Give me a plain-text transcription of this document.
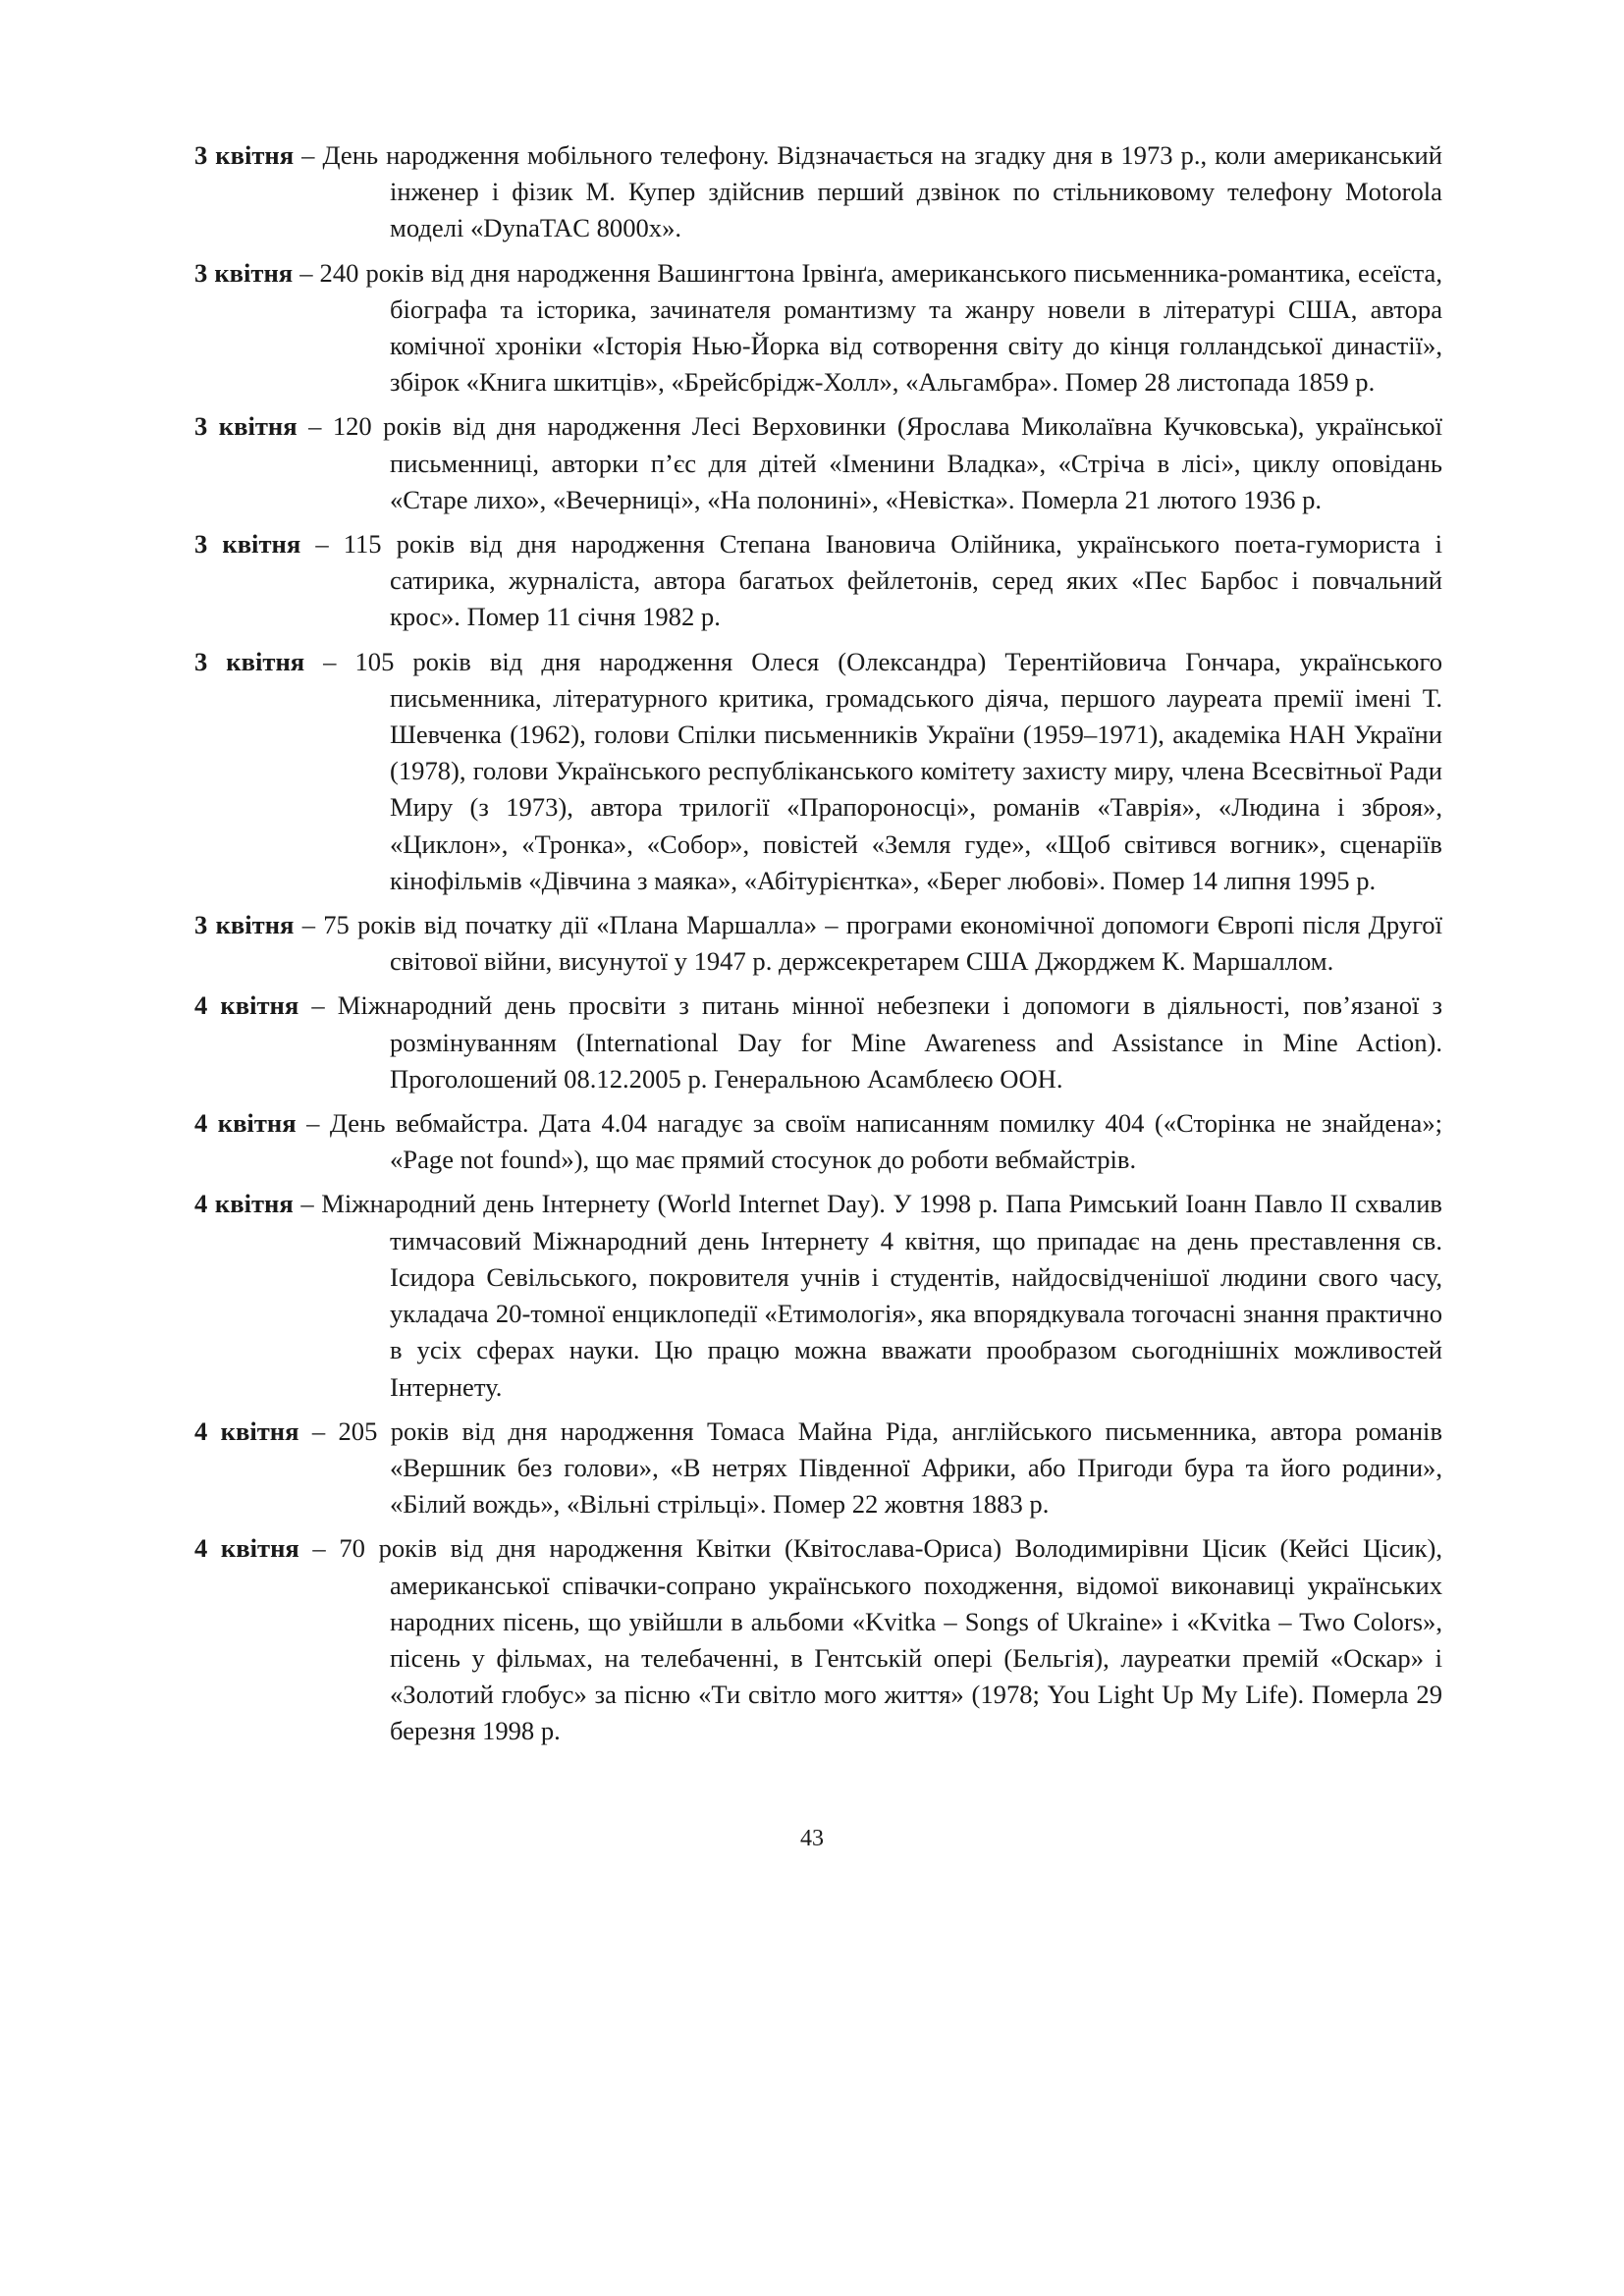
3 квітня – День народження мобільного телефону. Відзначається на згадку дня в 1973 р., коли американський інженер і фізик М. Купер здійснив перший дзвінок по стільниковому телефону Motorola моделі «DynaTAC 8000x».

3 квітня – 240 років від дня народження Вашингтона Ірвінґа, американського письменника-романтика, есеїста, біографа та історика, зачинателя романтизму та жанру новели в літературі США, автора комічної хроніки «Історія Нью-Йорка від сотворення світу до кінця голландської династії», збірок «Книга шкитців», «Брейсбрідж-Холл», «Альгамбра». Помер 28 листопада 1859 р.

3 квітня – 120 років від дня народження Лесі Верховинки (Ярослава Миколаївна Кучковська), української письменниці, авторки п’єс для дітей «Іменини Владка», «Стріча в лісі», циклу оповідань «Старе лихо», «Вечерниці», «На полонині», «Невістка». Померла 21 лютого 1936 р.

3 квітня – 115 років від дня народження Степана Івановича Олійника, українського поета-гумориста і сатирика, журналіста, автора багатьох фейлетонів, серед яких «Пес Барбос і повчальний крос». Помер 11 січня 1982 р.

3 квітня – 105 років від дня народження Олеся (Олександра) Терентійовича Гончара, українського письменника, літературного критика, громадського діяча, першого лауреата премії імені Т. Шевченка (1962), голови Спілки письменників України (1959–1971), академіка НАН України (1978), голови Українського республіканського комітету захисту миру, члена Всесвітньої Ради Миру (з 1973), автора трилогії «Прапороносці», романів «Таврія», «Людина і зброя», «Циклон», «Тронка», «Собор», повістей «Земля гуде», «Щоб світився вогник», сценаріїв кінофільмів «Дівчина з маяка», «Абітурієнтка», «Берег любові». Помер 14 липня 1995 р.

3 квітня – 75 років від початку дії «Плана Маршалла» – програми економічної допомоги Європі після Другої світової війни, висунутої у 1947 р. держсекретарем США Джорджем К. Маршаллом.

4 квітня – Міжнародний день просвіти з питань мінної небезпеки і допомоги в діяльності, пов’язаної з розмінуванням (International Day for Mine Awareness and Assistance in Mine Action). Проголошений 08.12.2005 р. Генеральною Асамблеєю ООН.

4 квітня – День вебмайстра. Дата 4.04 нагадує за своїм написанням помилку 404 («Сторінка не знайдена»; «Page not found»), що має прямий стосунок до роботи вебмайстрів.

4 квітня – Міжнародний день Інтернету (World Internet Day). У 1998 р. Папа Римський Іоанн Павло ІІ схвалив тимчасовий Міжнародний день Інтернету 4 квітня, що припадає на день преставлення св. Ісидора Севільського, покровителя учнів і студентів, найдосвідченішої людини свого часу, укладача 20-томної енциклопедії «Етимологія», яка впорядкувала тогочасні знання практично в усіх сферах науки. Цю працю можна вважати прообразом сьогоднішніх можливостей Інтернету.

4 квітня – 205 років від дня народження Томаса Майна Ріда, англійського письменника, автора романів «Вершник без голови», «В нетрях Південної Африки, або Пригоди бура та його родини», «Білий вождь», «Вільні стрільці». Помер 22 жовтня 1883 р.

4 квітня – 70 років від дня народження Квітки (Квітослава-Ориса) Володимирівни Цісик (Кейсі Цісик), американської співачки-сопрано українського походження, відомої виконавиці українських народних пісень, що увійшли в альбоми «Kvitka – Songs of Ukraine» і «Kvitka – Two Colors», пісень у фільмах, на телебаченні, в Гентській опері (Бельгія), лауреатки премій «Оскар» і «Золотий глобус» за пісню «Ти світло мого життя» (1978; You Light Up My Life). Померла 29 березня 1998 р.

43
